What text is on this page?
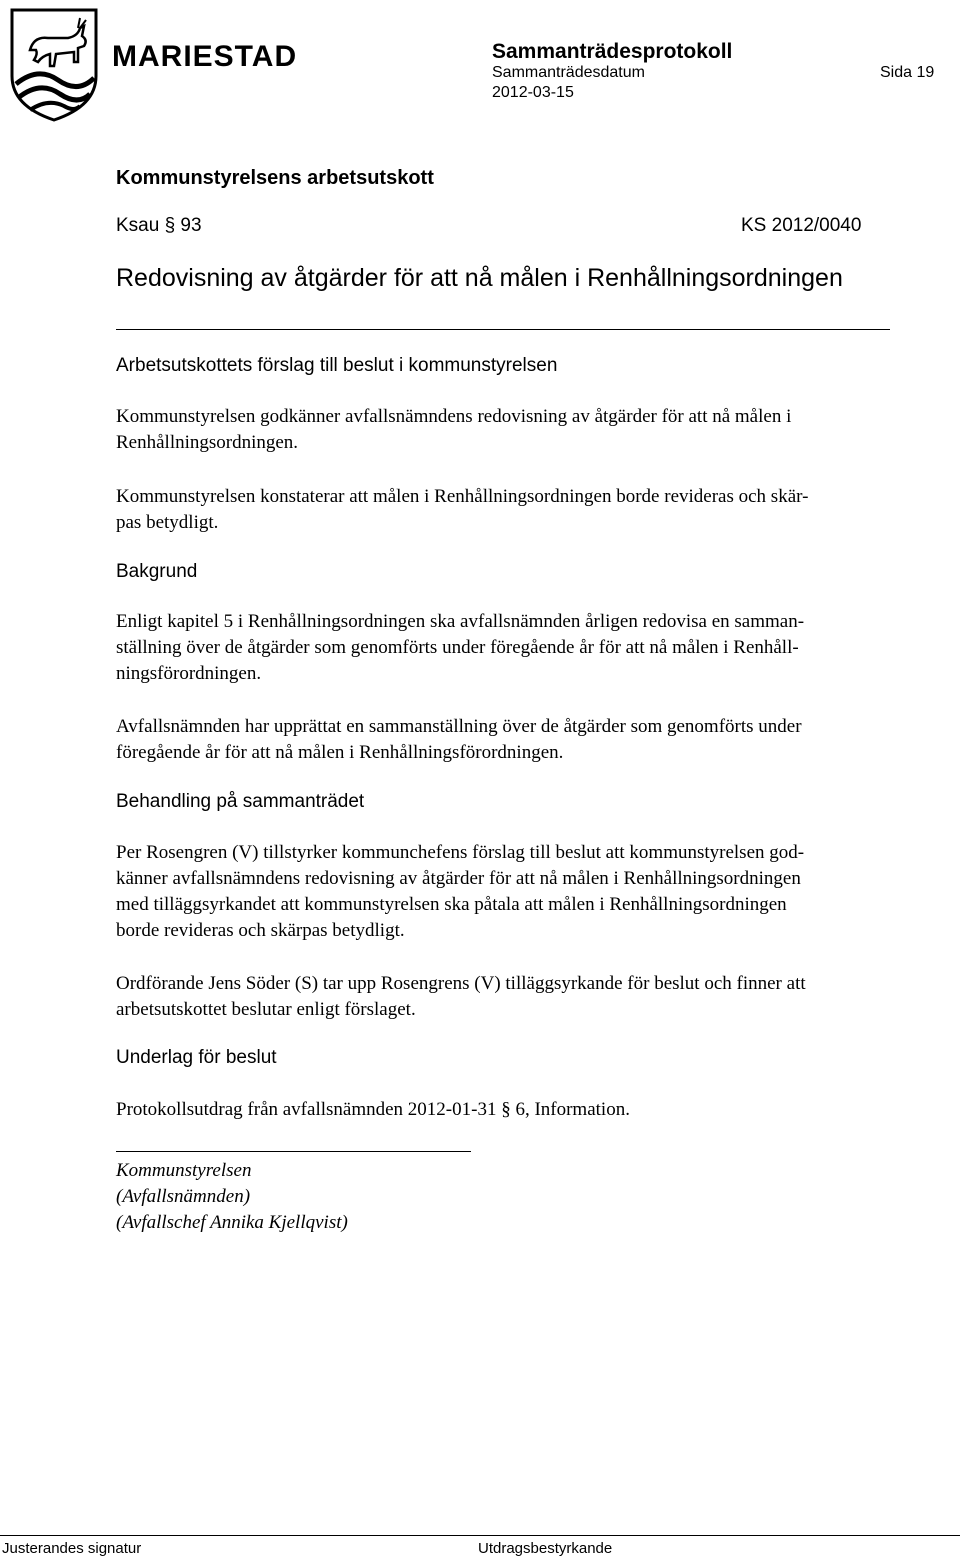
MARIESTAD	Sammanträdesprotokoll
Sammanträdesdatum
2012-03-15
Sida 19
Kommunstyrelsens arbetsutskott
Ksau § 93	KS 2012/0040
Redovisning av åtgärder för att nå målen i Renhållningsordningen
Arbetsutskottets förslag till beslut i kommunstyrelsen
Kommunstyrelsen godkänner avfallsnämndens redovisning av åtgärder för att nå målen i
Renhållningsordningen.
Kommunstyrelsen konstaterar att målen i Renhållningsordningen borde revideras och skär-
pas betydligt.
Bakgrund
Enligt kapitel 5 i Renhållningsordningen ska avfallsnämnden årligen redovisa en samman-
ställning över de åtgärder som genomförts under föregående år för att nå målen i Renhåll-
ningsförordningen.
Avfallsnämnden har upprättat en sammanställning över de åtgärder som genomförts under
föregående år för att nå målen i Renhållningsförordningen.
Behandling på sammanträdet
Per Rosengren (V) tillstyrker kommunchefens förslag till beslut att kommunstyrelsen god-
känner avfallsnämndens redovisning av åtgärder för att nå målen i Renhållningsordningen
med tilläggsyrkandet att kommunstyrelsen ska påtala att målen i Renhållningsordningen
borde revideras och skärpas betydligt.
Ordförande Jens Söder (S) tar upp Rosengrens (V) tilläggsyrkande för beslut och finner att
arbetsutskottet beslutar enligt förslaget.
Underlag för beslut
Protokollsutdrag från avfallsnämnden 2012-01-31 § 6, Information.
Kommunstyrelsen
(Avfallsnämnden)
(Avfallschef Annika Kjellqvist)
Justerandes signatur	Utdragsbestyrkande
